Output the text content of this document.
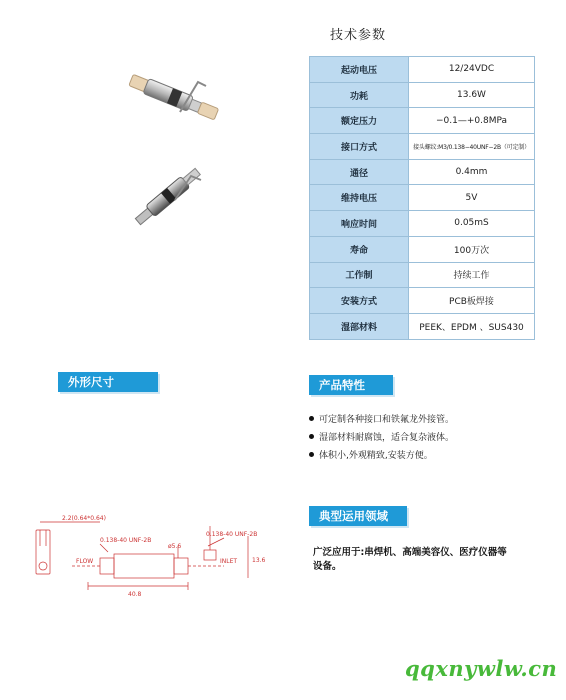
技术参数
起动电压	12/24VDC
功耗	13.6W
额定压力	−0.1—+0.8MPa
接口方式	接头螺纹:M3/0.138−40UNF−2B（可定制）
通径	0.4mm
维持电压	5V
响应时间	0.05mS
寿命	100万次
工作制	持续工作
安装方式	PCB板焊接
湿部材料	PEEK、EPDM 、SUS430
外形尺寸	产品特性
典型运用领域
可定制各种接口和铁氟龙外接管。
湿部材料耐腐蚀，适合复杂液体。
体积小,外观精致,安装方便。
广泛应用于:串焊机、高端美容仪、医疗仪器等设备。
2.2(0.64*0.64)
0.138-40 UNF-2B
0.138-40 UNF-2B
ø5.6
13.6
FLOW	INLET
40.8
qqxnywlw.cn
